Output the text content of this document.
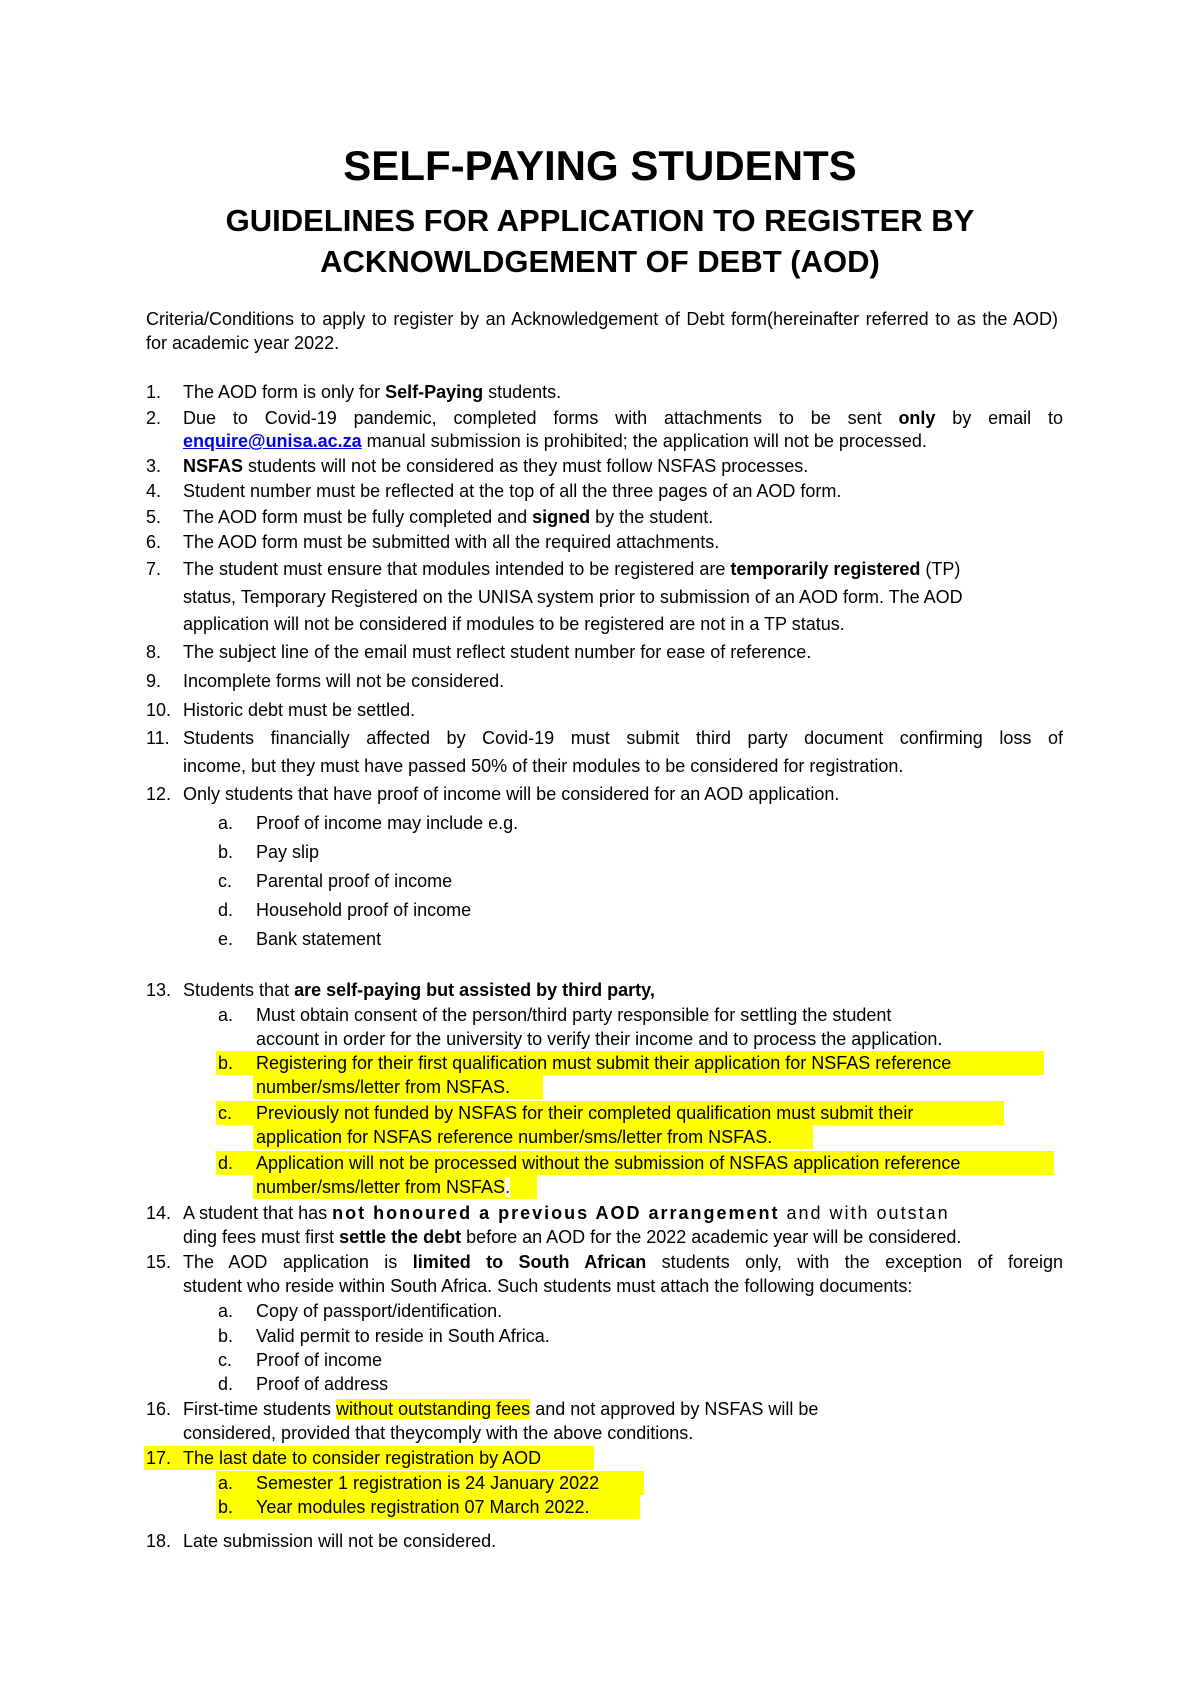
SELF-PAYING STUDENTS
GUIDELINES FOR APPLICATION TO REGISTER BY
ACKNOWLDGEMENT OF DEBT (AOD)
Criteria/Conditions to apply to register by an Acknowledgement of Debt form(hereinafter referred to as the AOD) for academic year 2022.
1. The AOD form is only for Self-Paying students.
2. Due to Covid-19 pandemic, completed forms with attachments to be sent only by email to
enquire@unisa.ac.za manual submission is prohibited; the application will not be processed.
3. NSFAS students will not be considered as they must follow NSFAS processes.
4. Student number must be reflected at the top of all the three pages of an AOD form.
5. The AOD form must be fully completed and signed by the student.
6. The AOD form must be submitted with all the required attachments.
7. The student must ensure that modules intended to be registered are temporarily registered (TP)
status, Temporary Registered on the UNISA system prior to submission of an AOD form. The AOD
application will not be considered if modules to be registered are not in a TP status.
8. The subject line of the email must reflect student number for ease of reference.
9. Incomplete forms will not be considered.
10. Historic debt must be settled.
11. Students financially affected by Covid-19 must submit third party document confirming loss of
income, but they must have passed 50% of their modules to be considered for registration.
12. Only students that have proof of income will be considered for an AOD application.
a. Proof of income may include e.g.
b. Pay slip
c. Parental proof of income
d. Household proof of income
e. Bank statement
13. Students that are self-paying but assisted by third party,
a. Must obtain consent of the person/third party responsible for settling the student
account in order for the university to verify their income and to process the application.
b. Registering for their first qualification must submit their application for NSFAS reference
number/sms/letter from NSFAS.
c. Previously not funded by NSFAS for their completed qualification must submit their
application for NSFAS reference number/sms/letter from NSFAS.
d. Application will not be processed without the submission of NSFAS application reference
number/sms/letter from NSFAS.
14. A student that has not honoured a previous AOD arrangement and with outstan
ding fees must first settle the debt before an AOD for the 2022 academic year will be considered.
15. The AOD application is limited to South African students only, with the exception of foreign
student who reside within South Africa. Such students must attach the following documents:
a. Copy of passport/identification.
b. Valid permit to reside in South Africa.
c. Proof of income
d. Proof of address
16. First-time students without outstanding fees and not approved by NSFAS will be
considered, provided that theycomply with the above conditions.
17. The last date to consider registration by AOD
a. Semester 1 registration is 24 January 2022
b. Year modules registration 07 March 2022.
18. Late submission will not be considered.
